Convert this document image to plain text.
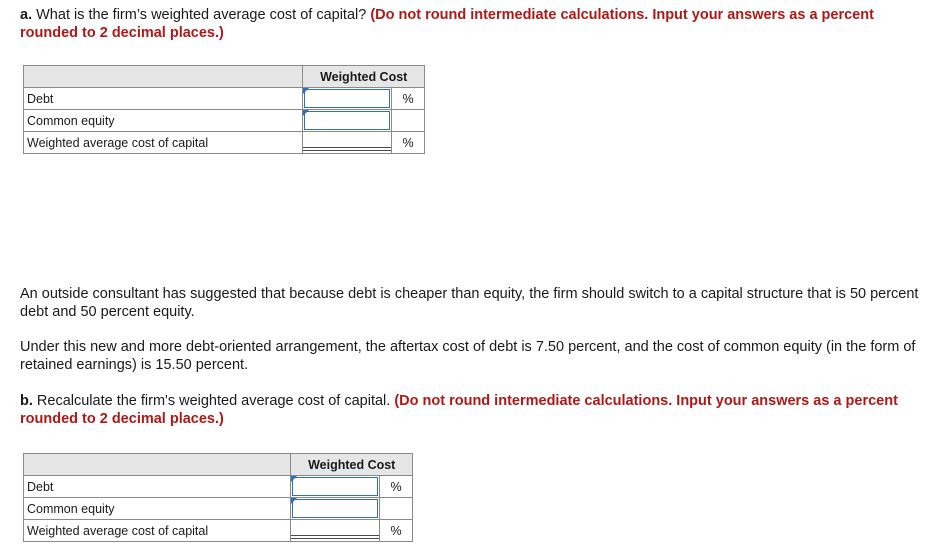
a. What is the firm’s weighted average cost of capital? (Do not round intermediate calculations. Input your answers as a percent rounded to 2 decimal places.)
	Weighted Cost	
Debt		%
Common equity	

Weighted average cost of capital		%
An outside consultant has suggested that because debt is cheaper than equity, the firm should switch to a capital structure that is 50 percent debt and 50 percent equity.
Under this new and more debt-oriented arrangement, the aftertax cost of debt is 7.50 percent, and the cost of common equity (in the form of retained earnings) is 15.50 percent.
b. Recalculate the firm's weighted average cost of capital. (Do not round intermediate calculations. Input your answers as a percent rounded to 2 decimal places.)
	Weighted Cost	
Debt		%
Common equity	

Weighted average cost of capital		%
